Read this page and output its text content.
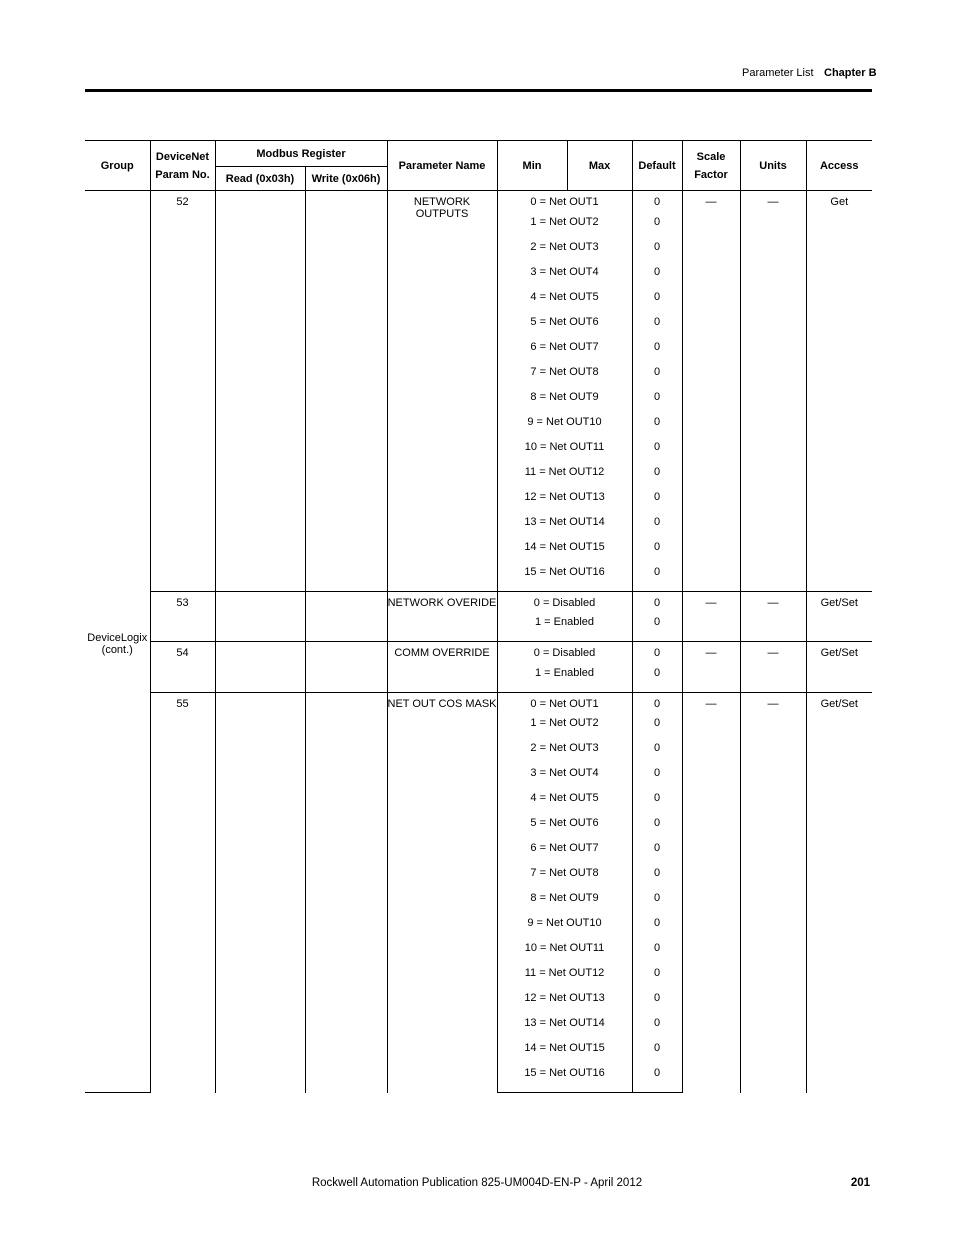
Parameter List Chapter B
Group	DeviceNet Param No.	Modbus Register		Parameter Name	Min	Max	Default	Scale Factor	Units	Access
		Read (0x03h)	Write (0x06h)							
DeviceLogix (cont.)	52			NETWORK OUTPUTS	0 = Net OUT1		0	—	—	Get
					1 = Net OUT2		0			
					2 = Net OUT3		0			
					3 = Net OUT4		0			
					4 = Net OUT5		0			
					5 = Net OUT6		0			
					6 = Net OUT7		0			
					7 = Net OUT8		0			
					8 = Net OUT9		0			
					9 = Net OUT10		0			
					10 = Net OUT11		0			
					11 = Net OUT12		0			
					12 = Net OUT13		0			
					13 = Net OUT14		0			
					14 = Net OUT15		0			
					15 = Net OUT16		0			
	53			NETWORK OVERIDE	0 = Disabled		0	—	—	Get/Set
					1 = Enabled		0			
	54			COMM OVERRIDE	0 = Disabled		0	—	—	Get/Set
					1 = Enabled		0			
	55			NET OUT COS MASK	0 = Net OUT1		0	—	—	Get/Set
					1 = Net OUT2		0			
					2 = Net OUT3		0			
					3 = Net OUT4		0			
					4 = Net OUT5		0			
					5 = Net OUT6		0			
					6 = Net OUT7		0			
					7 = Net OUT8		0			
					8 = Net OUT9		0			
					9 = Net OUT10		0			
					10 = Net OUT11		0			
					11 = Net OUT12		0			
					12 = Net OUT13		0			
					13 = Net OUT14		0			
					14 = Net OUT15		0			
					15 = Net OUT16		0			
Rockwell Automation Publication 825-UM004D-EN-P - April 2012	201
